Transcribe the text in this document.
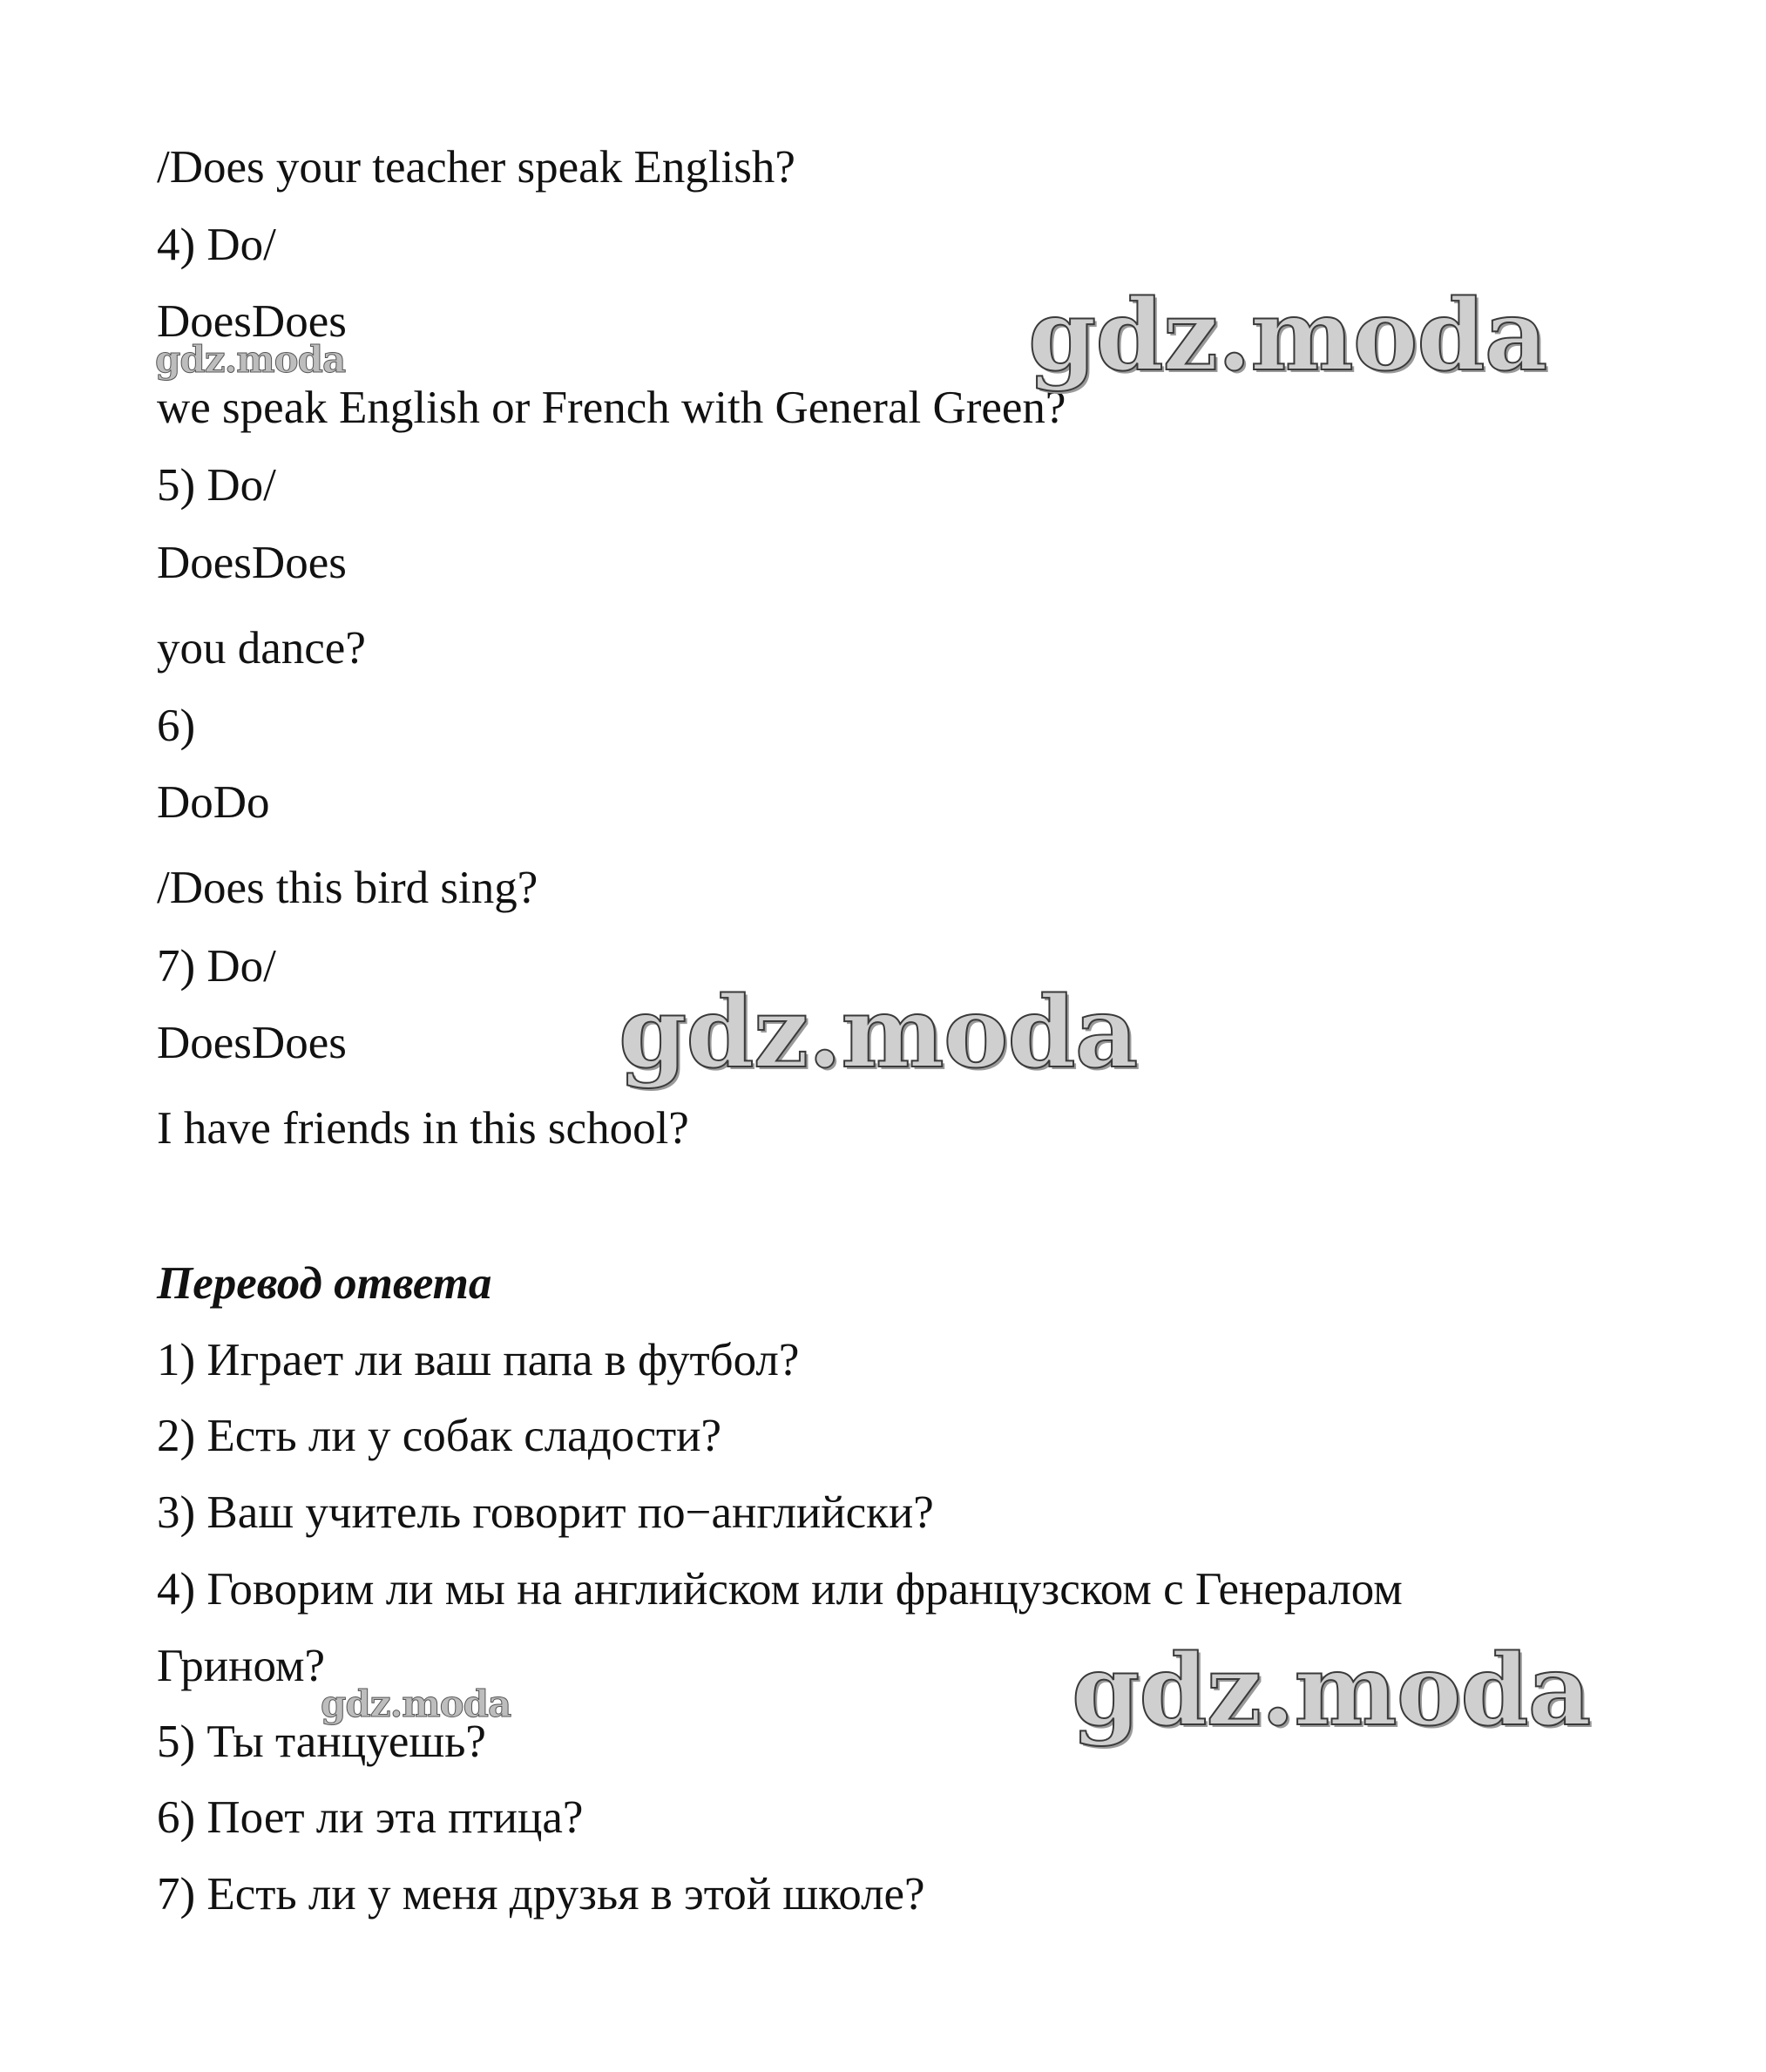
/Does your teacher speak English?
4) Do/
DoesDoes
we speak English or French with General Green?
5) Do/
DoesDoes
you dance?
6)
DoDo
/Does this bird sing?
7) Do/
DoesDoes
I have friends in this school?
Перевод ответа
1) Играет ли ваш папа в футбол?
2) Есть ли у собак сладости?
3) Ваш учитель говорит по−английски?
4) Говорим ли мы на английском или французском с Генералом
Грином?
5) Ты танцуешь?
6) Поет ли эта птица?
7) Есть ли у меня друзья в этой школе?
gdz.moda
gdz.moda
gdz.moda
gdz.moda
gdz.moda
